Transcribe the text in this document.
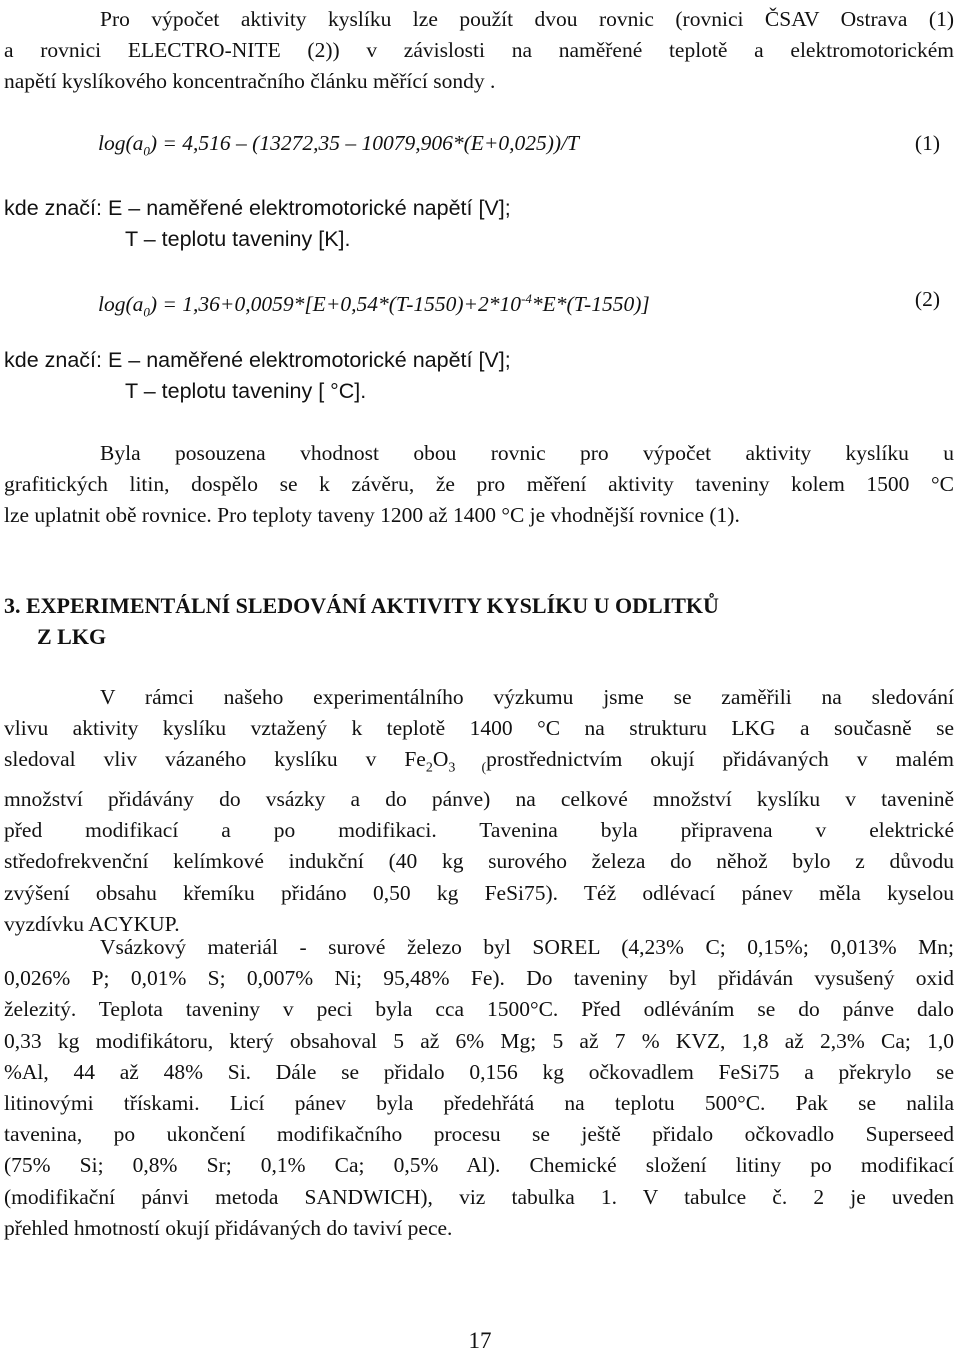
Pro výpočet aktivity kyslíku lze použít dvou rovnic (rovnici ČSAV Ostrava (1)
a rovnici ELECTRO-NITE (2)) v závislosti na naměřené teplotě a elektromotorickém
napětí kyslíkového koncentračního článku měřící sondy .
$\log(a_0) = 4,516 - (13272,35 - 10079,906*(E+0,025))/T$	(1)
kde značí: E – naměřené elektromotorické napětí [V];
T – teplotu taveniny [K].
$\log(a_0) = 1,36+0,0059*[E+0,54*(T-1550)+2*10^{-4}*E*(T-1550)]$	(2)
kde značí: E – naměřené elektromotorické napětí [V];
T – teplotu taveniny [ °C].
Byla posouzena vhodnost obou rovnic pro výpočet aktivity kyslíku u
grafitických litin, dospělo se k závěru, že pro měření aktivity taveniny kolem 1500 °C
lze uplatnit obě rovnice. Pro teploty taveny 1200 až 1400 °C je vhodnější rovnice (1).
3. EXPERIMENTÁLNÍ SLEDOVÁNÍ AKTIVITY KYSLÍKU U ODLITKŮ
Z LKG
V rámci našeho experimentálního výzkumu jsme se zaměřili na sledování
vlivu aktivity kyslíku vztažený k teplotě 1400 °C na strukturu LKG a současně se
sledoval vliv vázaného kyslíku v $Fe_2O_{3 (}prostřednictvím$ okují přidávaných v malém
množství přidávány do vsázky a do pánve) na celkové množství kyslíku v tavenině
před modifikací a po modifikaci. Tavenina byla připravena v elektrické
středofrekvenční kelímkové indukční (40 kg surového železa do něhož bylo z důvodu
zvýšení obsahu křemíku přidáno 0,50 kg FeSi75). Též odlévací pánev měla kyselou
vyzdívku ACYKUP.
Vsázkový materiál - surové železo byl SOREL (4,23% C; 0,15%; 0,013% Mn;
0,026% P; 0,01% S; 0,007% Ni; 95,48% Fe). Do taveniny byl přidáván vysušený oxid
železitý. Teplota taveniny v peci byla cca 1500°C. Před odléváním se do pánve dalo
0,33 kg modifikátoru, který obsahoval 5 až 6% Mg; 5 až 7 % KVZ, 1,8 až 2,3% Ca; 1,0
%Al, 44 až 48% Si. Dále se přidalo 0,156 kg očkovadlem FeSi75 a překrylo se
litinovými třískami. Licí pánev byla předehřátá na teplotu 500°C. Pak se nalila
tavenina, po ukončení modifikačního procesu se ještě přidalo očkovadlo Superseed
(75% Si; 0,8% Sr; 0,1% Ca; 0,5% Al). Chemické složení litiny po modifikací
(modifikační pánvi metoda SANDWICH), viz tabulka 1. V tabulce č. 2 je uveden
přehled hmotností okují přidávaných do taviví pece.
17
